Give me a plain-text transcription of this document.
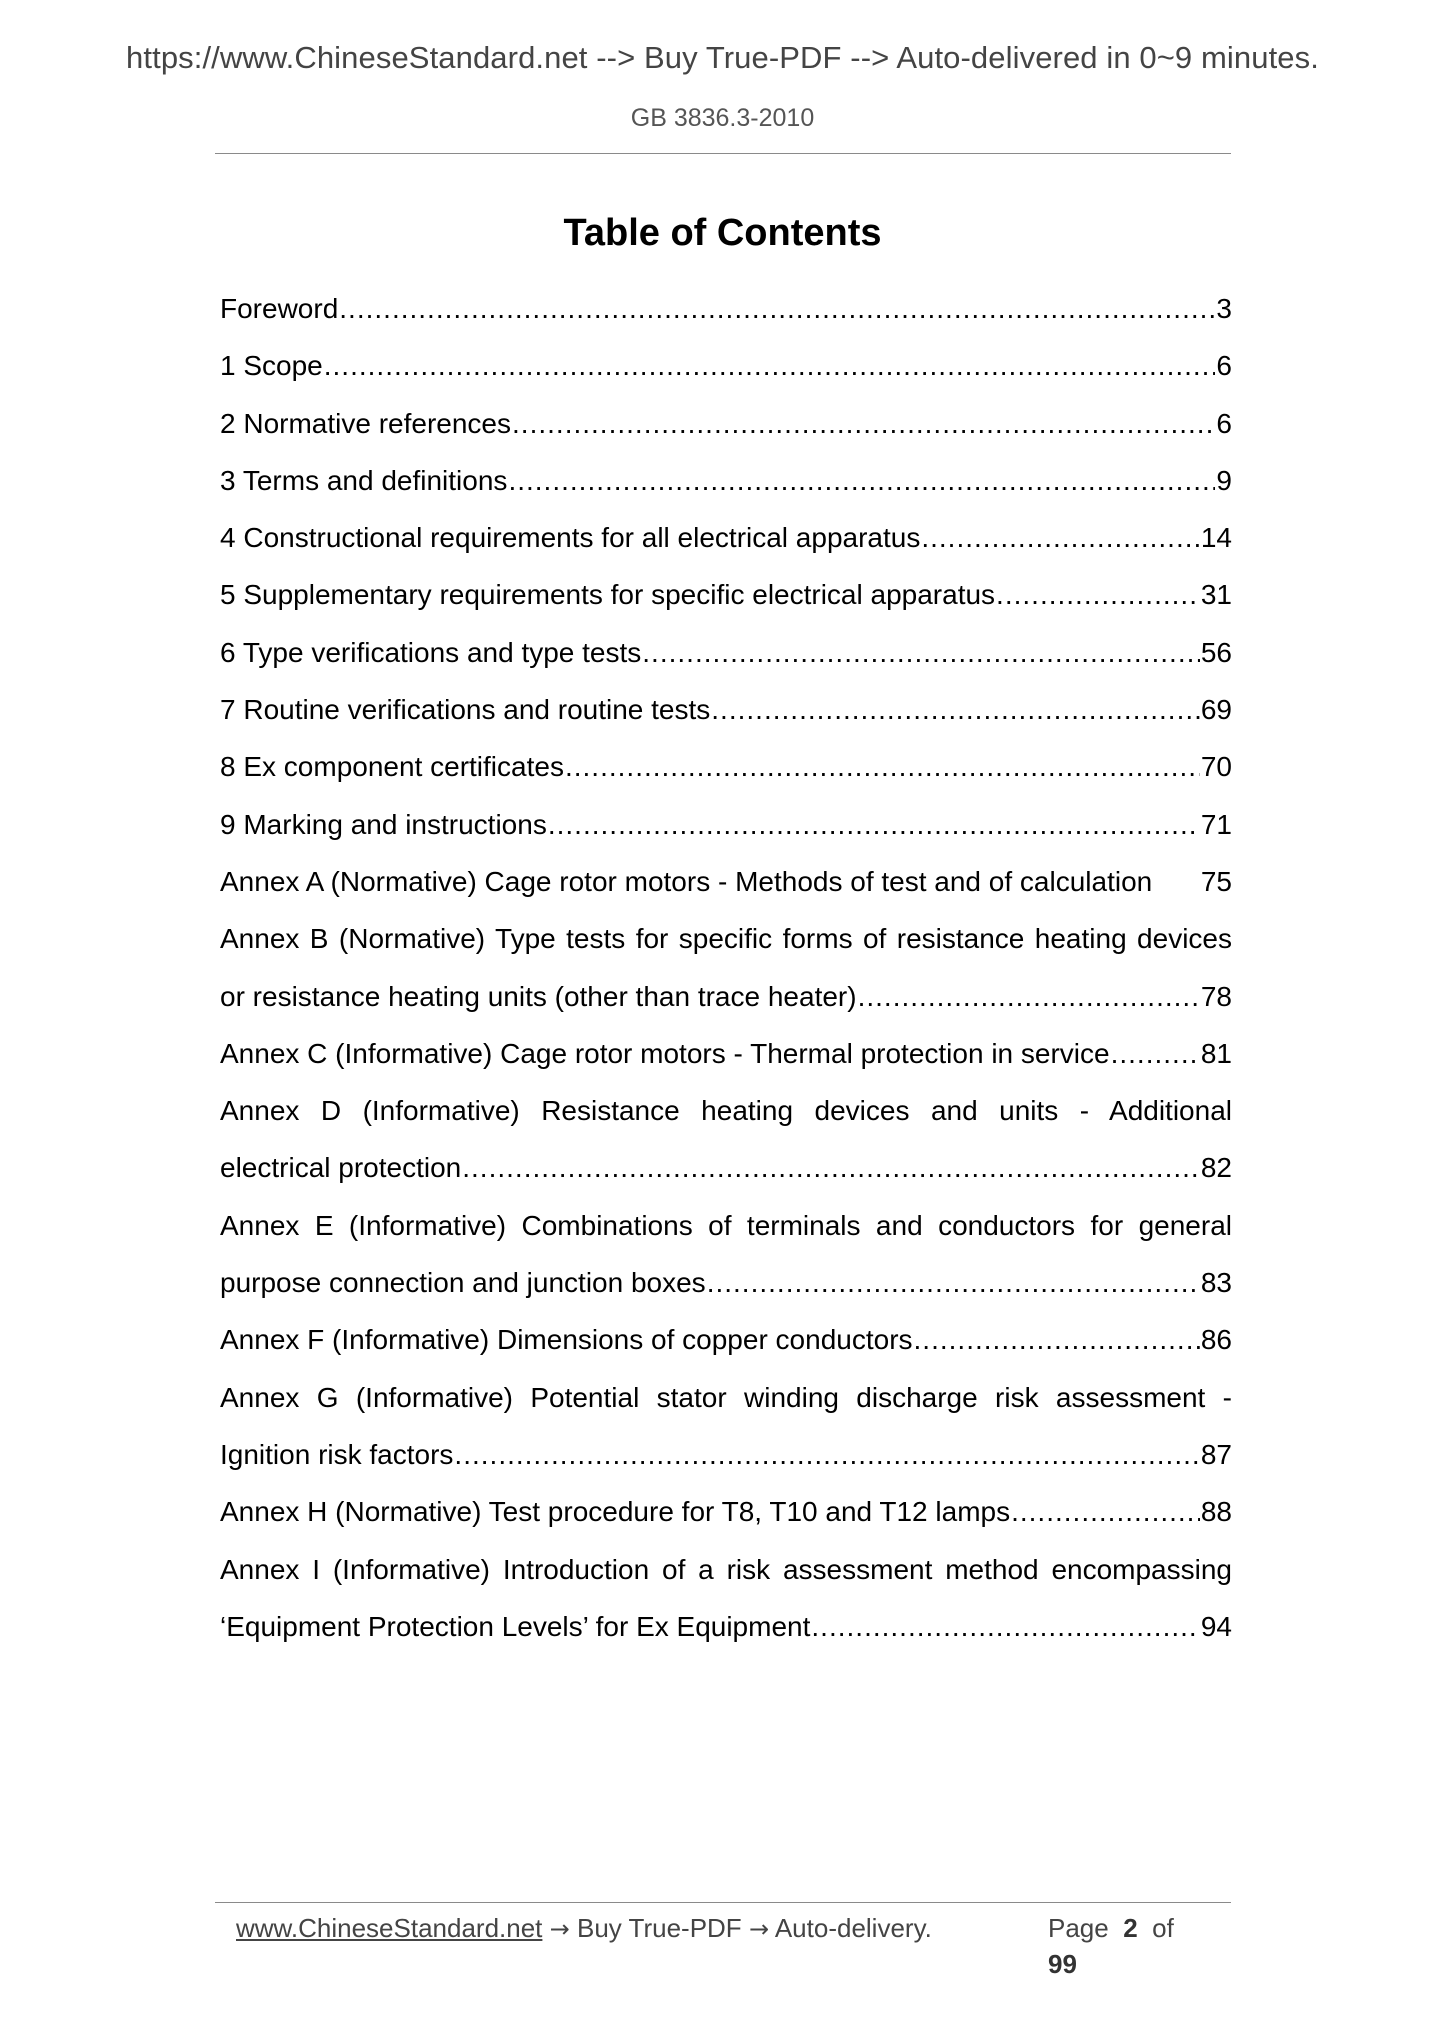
https://www.ChineseStandard.net --> Buy True-PDF --> Auto-delivered in 0~9 minutes.
GB 3836.3-2010
Table of Contents
Foreword .....	3
1 Scope .....	6
2 Normative references .....	6
3 Terms and definitions .....	9
4 Constructional requirements for all electrical apparatus .....	14
5 Supplementary requirements for specific electrical apparatus .....	31
6 Type verifications and type tests .....	56
7 Routine verifications and routine tests .....	69
8 Ex component certificates .....	70
9 Marking and instructions .....	71
Annex A (Normative) Cage rotor motors - Methods of test and of calculation	75
Annex B (Normative) Type tests for specific forms of resistance heating devices
or resistance heating units (other than trace heater) .....	78
Annex C (Informative) Cage rotor motors - Thermal protection in service .....	81
Annex D (Informative) Resistance heating devices and units - Additional
electrical protection .....	82
Annex E (Informative) Combinations of terminals and conductors for general
purpose connection and junction boxes .....	83
Annex F (Informative) Dimensions of copper conductors .....	86
Annex G (Informative) Potential stator winding discharge risk assessment -
Ignition risk factors .....	87
Annex H (Normative) Test procedure for T8, T10 and T12 lamps .....	88
Annex I (Informative) Introduction of a risk assessment method encompassing
‘Equipment Protection Levels’ for Ex Equipment .....	94
www.ChineseStandard.net → Buy True-PDF → Auto-delivery.	Page 2 of  99
